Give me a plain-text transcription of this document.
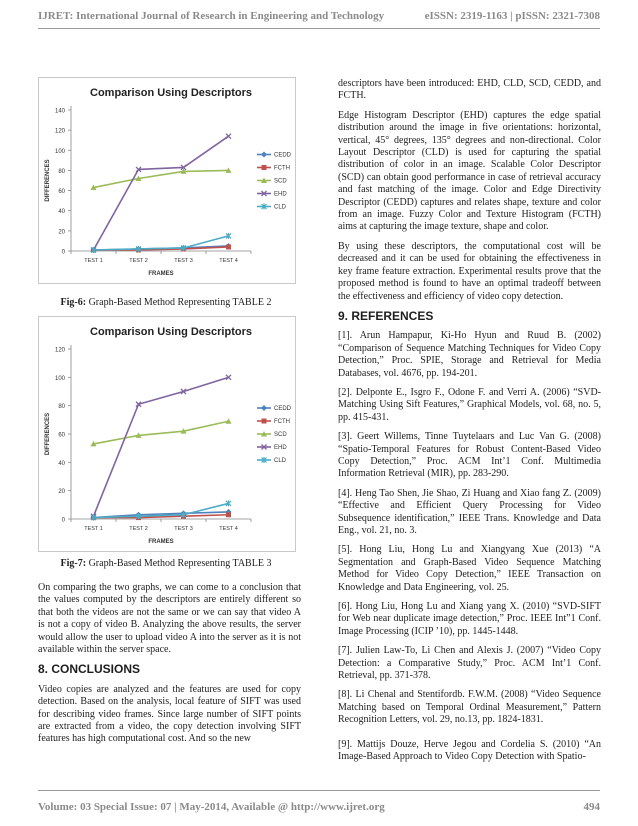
IJRET: International Journal of Research in Engineering and Technology	eISSN: 2319-1163 | pISSN: 2321-7308
Comparison Using Descriptors
0
20
40
60
80
100
120
140
TEST 1	TEST 2	TEST 3	TEST 4
FRAMES
DIFFERENCES
CEDD
FCTH
SCD
EHD
CLD
Fig-6: Graph-Based Method Representing TABLE 2
Comparison Using Descriptors
0
20
40
60
80
100
120
TEST 1	TEST 2	TEST 3	TEST 4
FRAMES
DIFFERENCES
CEDD
FCTH
SCD
EHD
CLD
Fig-7: Graph-Based Method Representing TABLE 3

On comparing the two graphs, we can come to a conclusion that the values computed by the descriptors are entirely different so that both the videos are not the same or we can say that video A is not a copy of video B. Analyzing the above results, the server would allow the user to upload video A into the server as it is not available within the server space.

8. CONCLUSIONS

Video copies are analyzed and the features are used for copy detection. Based on the analysis, local feature of SIFT was used for describing video frames. Since large number of SIFT points are extracted from a video, the copy detection involving SIFT features has high computational cost. And so the new

descriptors have been introduced: EHD, CLD, SCD, CEDD, and FCTH.

Edge Histogram Descriptor (EHD) captures the edge spatial distribution around the image in five orientations: horizontal, vertical, 45° degrees, 135° degrees and non-directional. Color Layout Descriptor (CLD) is used for capturing the spatial distribution of color in an image. Scalable Color Descriptor (SCD) can obtain good performance in case of retrieval accuracy and fast matching of the image. Color and Edge Directivity Descriptor (CEDD) captures and relates shape, texture and color from an image. Fuzzy Color and Texture Histogram (FCTH) aims at capturing the image texture, shape and color.

By using these descriptors, the computational cost will be decreased and it can be used for obtaining the effectiveness in key frame feature extraction. Experimental results prove that the proposed method is found to have an optimal tradeoff between the effectiveness and efficiency of video copy detection.

9. REFERENCES

[1]. Arun Hampapur, Ki-Ho Hyun and Ruud B. (2002) “Comparison of Sequence Matching Techniques for Video Copy Detection,” Proc. SPIE, Storage and Retrieval for Media Databases, vol. 4676, pp. 194-201.

[2]. Delponte E., Isgro F., Odone F. and Verri A. (2006) “SVD-Matching Using Sift Features,” Graphical Models, vol. 68, no. 5, pp. 415-431.

[3]. Geert Willems, Tinne Tuytelaars and Luc Van G. (2008) “Spatio-Temporal Features for Robust Content-Based Video Copy Detection,” Proc. ACM Int’1 Conf. Multimedia Information Retrieval (MIR), pp. 283-290.

[4]. Heng Tao Shen, Jie Shao, Zi Huang and Xiao fang Z. (2009) “Effective and Efficient Query Processing for Video Subsequence identification,” IEEE Trans. Knowledge and Data Eng., vol. 21, no. 3.

[5]. Hong Liu, Hong Lu and Xiangyang Xue (2013) “A Segmentation and Graph-Based Video Sequence Matching Method for Video Copy Detection,” IEEE Transaction on Knowledge and Data Engineering, vol. 25.

[6]. Hong Liu, Hong Lu and Xiang yang X. (2010) “SVD-SIFT for Web near duplicate image detection,” Proc. IEEE Int”1 Conf. Image Processing (ICIP ’10), pp. 1445-1448.

[7]. Julien Law-To, Li Chen and Alexis J. (2007) “Video Copy Detection: a Comparative Study,” Proc. ACM Int’1 Conf. Retrieval, pp. 371-378.

[8]. Li Chenal and Stentifordb. F.W.M. (2008) “Video Sequence Matching based on Temporal Ordinal Measurement,” Pattern Recognition Letters, vol. 29, no.13, pp. 1824-1831.

[9]. Mattijs Douze, Herve Jegou and Cordelia S. (2010) “An Image-Based Approach to Video Copy Detection with Spatio-

Volume: 03 Special Issue: 07 | May-2014, Available @ http://www.ijret.org	494
